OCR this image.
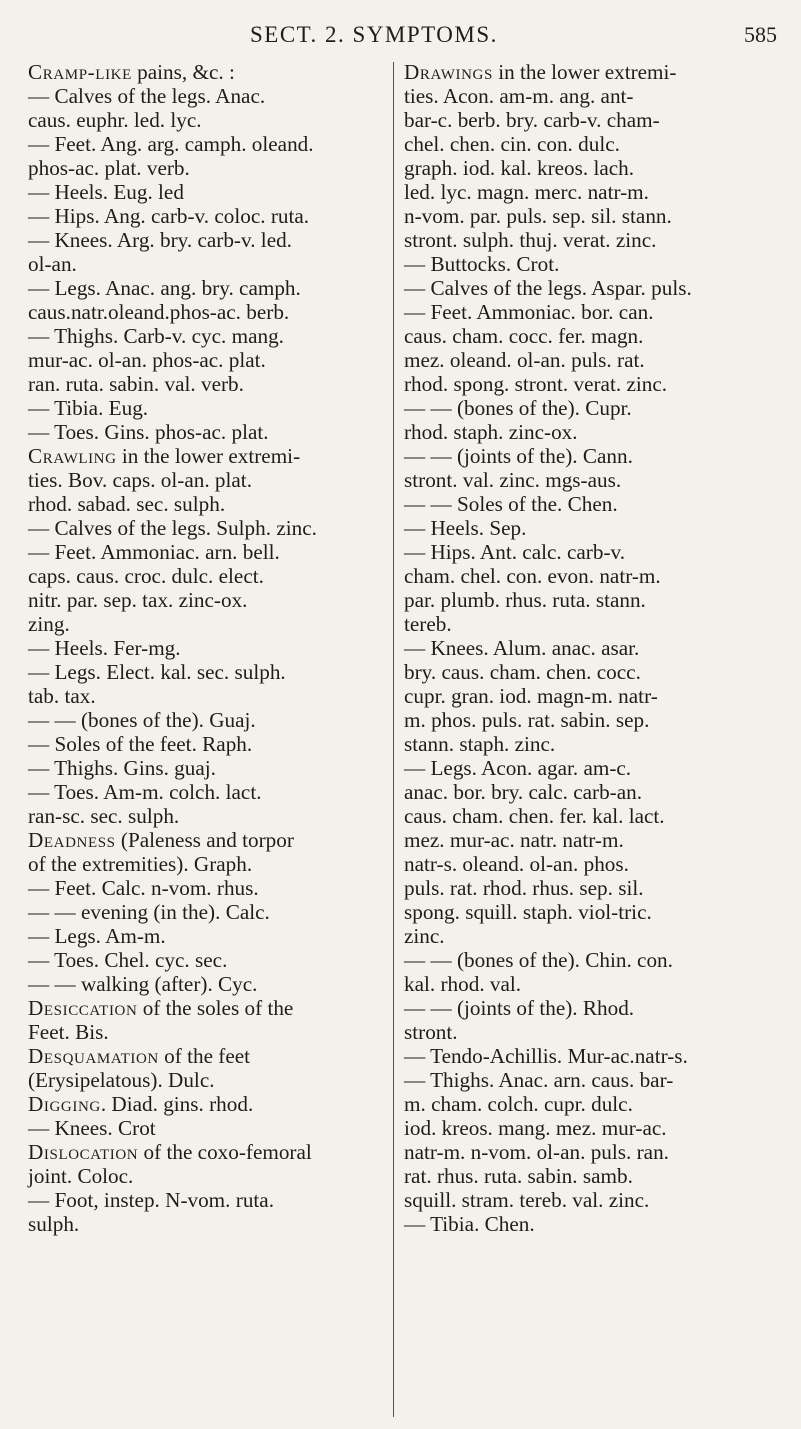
SECT. 2. SYMPTOMS.	585
Cramp-like pains, &c. :
— Calves of the legs. Anac.
caus. euphr. led. lyc.
— Feet. Ang. arg. camph. oleand.
phos-ac. plat. verb.
— Heels. Eug. led
— Hips. Ang. carb-v. coloc. ruta.
— Knees. Arg. bry. carb-v. led.
ol-an.
— Legs. Anac. ang. bry. camph.
caus.natr.oleand.phos-ac. berb.
— Thighs. Carb-v. cyc. mang.
mur-ac. ol-an. phos-ac. plat.
ran. ruta. sabin. val. verb.
— Tibia. Eug.
— Toes. Gins. phos-ac. plat.
Crawling in the lower extremi-
ties. Bov. caps. ol-an. plat.
rhod. sabad. sec. sulph.
— Calves of the legs. Sulph. zinc.
— Feet. Ammoniac. arn. bell.
caps. caus. croc. dulc. elect.
nitr. par. sep. tax. zinc-ox.
zing.
— Heels. Fer-mg.
— Legs. Elect. kal. sec. sulph.
tab. tax.
— — (bones of the). Guaj.
— Soles of the feet. Raph.
— Thighs. Gins. guaj.
— Toes. Am-m. colch. lact.
ran-sc. sec. sulph.
Deadness (Paleness and torpor
of the extremities). Graph.
— Feet. Calc. n-vom. rhus.
— — evening (in the). Calc.
— Legs. Am-m.
— Toes. Chel. cyc. sec.
— — walking (after). Cyc.
Desiccation of the soles of the
Feet. Bis.
Desquamation of the feet
(Erysipelatous). Dulc.
Digging. Diad. gins. rhod.
— Knees. Crot
Dislocation of the coxo-femoral
joint. Coloc.
— Foot, instep. N-vom. ruta.
sulph.
Drawings in the lower extremi-
ties. Acon. am-m. ang. ant-
bar-c. berb. bry. carb-v. cham-
chel. chen. cin. con. dulc.
graph. iod. kal. kreos. lach.
led. lyc. magn. merc. natr-m.
n-vom. par. puls. sep. sil. stann.
stront. sulph. thuj. verat. zinc.
— Buttocks. Crot.
— Calves of the legs. Aspar. puls.
— Feet. Ammoniac. bor. can.
caus. cham. cocc. fer. magn.
mez. oleand. ol-an. puls. rat.
rhod. spong. stront. verat. zinc.
— — (bones of the). Cupr.
rhod. staph. zinc-ox.
— — (joints of the). Cann.
stront. val. zinc. mgs-aus.
— — Soles of the. Chen.
— Heels. Sep.
— Hips. Ant. calc. carb-v.
cham. chel. con. evon. natr-m.
par. plumb. rhus. ruta. stann.
tereb.
— Knees. Alum. anac. asar.
bry. caus. cham. chen. cocc.
cupr. gran. iod. magn-m. natr-
m. phos. puls. rat. sabin. sep.
stann. staph. zinc.
— Legs. Acon. agar. am-c.
anac. bor. bry. calc. carb-an.
caus. cham. chen. fer. kal. lact.
mez. mur-ac. natr. natr-m.
natr-s. oleand. ol-an. phos.
puls. rat. rhod. rhus. sep. sil.
spong. squill. staph. viol-tric.
zinc.
— — (bones of the). Chin. con.
kal. rhod. val.
— — (joints of the). Rhod.
stront.
— Tendo-Achillis. Mur-ac.natr-s.
— Thighs. Anac. arn. caus. bar-
m. cham. colch. cupr. dulc.
iod. kreos. mang. mez. mur-ac.
natr-m. n-vom. ol-an. puls. ran.
rat. rhus. ruta. sabin. samb.
squill. stram. tereb. val. zinc.
— Tibia. Chen.
